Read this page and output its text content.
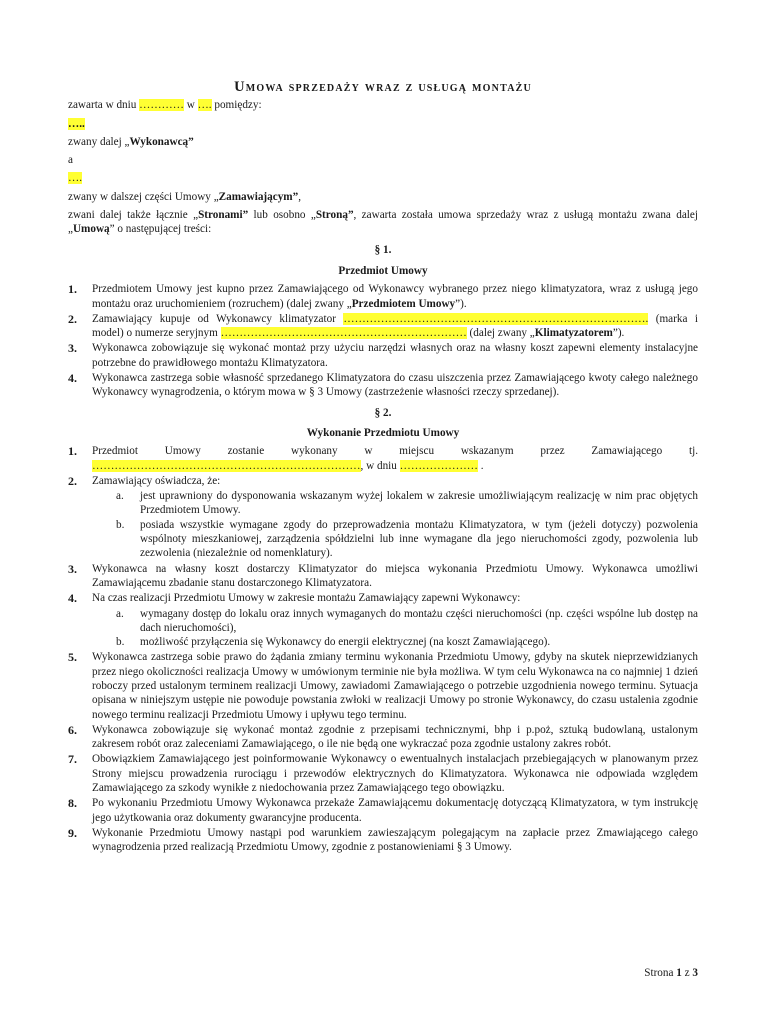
Umowa sprzedaży wraz z usługą montażu
zawarta w dniu ………… w …. pomiędzy:
…..
zwany dalej „Wykonawcą”
a
….
zwany w dalszej części Umowy „Zamawiającym”,
zwani dalej także łącznie „Stronami” lub osobno „Stroną”, zawarta została umowa sprzedaży wraz z usługą montażu zwana dalej „Umową” o następującej treści:
§ 1.
Przedmiot Umowy
1. Przedmiotem Umowy jest kupno przez Zamawiającego od Wykonawcy wybranego przez niego klimatyzatora, wraz z usługą jego montażu oraz uruchomieniem (rozruchem) (dalej zwany „Przedmiotem Umowy”).
2. Zamawiający kupuje od Wykonawcy klimatyzator ………………………………………………………………………. (marka i model) o numerze seryjnym ………………………………………………………… (dalej zwany „Klimatyzatorem”).
3. Wykonawca zobowiązuje się wykonać montaż przy użyciu narzędzi własnych oraz na własny koszt zapewni elementy instalacyjne potrzebne do prawidłowego montażu Klimatyzatora.
4. Wykonawca zastrzega sobie własność sprzedanego Klimatyzatora do czasu uiszczenia przez Zamawiającego kwoty całego należnego Wykonawcy wynagrodzenia, o którym mowa w § 3 Umowy (zastrzeżenie własności rzeczy sprzedanej).
§ 2.
Wykonanie Przedmiotu Umowy
1. Przedmiot Umowy zostanie wykonany w miejscu wskazanym przez Zamawiającego tj. ………………………………………………………………, w dniu ………………… .
2. Zamawiający oświadcza, że:
a. jest uprawniony do dysponowania wskazanym wyżej lokalem w zakresie umożliwiającym realizację w nim prac objętych Przedmiotem Umowy.
b. posiada wszystkie wymagane zgody do przeprowadzenia montażu Klimatyzatora, w tym (jeżeli dotyczy) pozwolenia wspólnoty mieszkaniowej, zarządzenia spółdzielni lub inne wymagane dla jego nieruchomości zgody, pozwolenia lub zezwolenia (niezależnie od nomenklatury).
3. Wykonawca na własny koszt dostarczy Klimatyzator do miejsca wykonania Przedmiotu Umowy. Wykonawca umożliwi Zamawiającemu zbadanie stanu dostarczonego Klimatyzatora.
4. Na czas realizacji Przedmiotu Umowy w zakresie montażu Zamawiający zapewni Wykonawcy:
a. wymagany dostęp do lokalu oraz innych wymaganych do montażu części nieruchomości (np. części wspólne lub dostęp na dach nieruchomości),
b. możliwość przyłączenia się Wykonawcy do energii elektrycznej (na koszt Zamawiającego).
5. Wykonawca zastrzega sobie prawo do żądania zmiany terminu wykonania Przedmiotu Umowy, gdyby na skutek nieprzewidzianych przez niego okoliczności realizacja Umowy w umówionym terminie nie była możliwa. W tym celu Wykonawca na co najmniej 1 dzień roboczy przed ustalonym terminem realizacji Umowy, zawiadomi Zamawiającego o potrzebie uzgodnienia nowego terminu. Sytuacja opisana w niniejszym ustępie nie powoduje powstania zwłoki w realizacji Umowy po stronie Wykonawcy, do czasu ustalenia zgodnie nowego terminu realizacji Przedmiotu Umowy i upływu tego terminu.
6. Wykonawca zobowiązuje się wykonać montaż zgodnie z przepisami technicznymi, bhp i p.poż, sztuką budowlaną, ustalonym zakresem robót oraz zaleceniami Zamawiającego, o ile nie będą one wykraczać poza zgodnie ustalony zakres robót.
7. Obowiązkiem Zamawiającego jest poinformowanie Wykonawcy o ewentualnych instalacjach przebiegających w planowanym przez Strony miejscu prowadzenia rurociągu i przewodów elektrycznych do Klimatyzatora. Wykonawca nie odpowiada względem Zamawiającego za szkody wynikłe z niedochowania przez Zamawiającego tego obowiązku.
8. Po wykonaniu Przedmiotu Umowy Wykonawca przekaże Zamawiającemu dokumentację dotyczącą Klimatyzatora, w tym instrukcję jego użytkowania oraz dokumenty gwarancyjne producenta.
9. Wykonanie Przedmiotu Umowy nastąpi pod warunkiem zawieszającym polegającym na zapłacie przez Zmawiającego całego wynagrodzenia przed realizacją Przedmiotu Umowy, zgodnie z postanowieniami § 3 Umowy.
Strona 1 z 3
